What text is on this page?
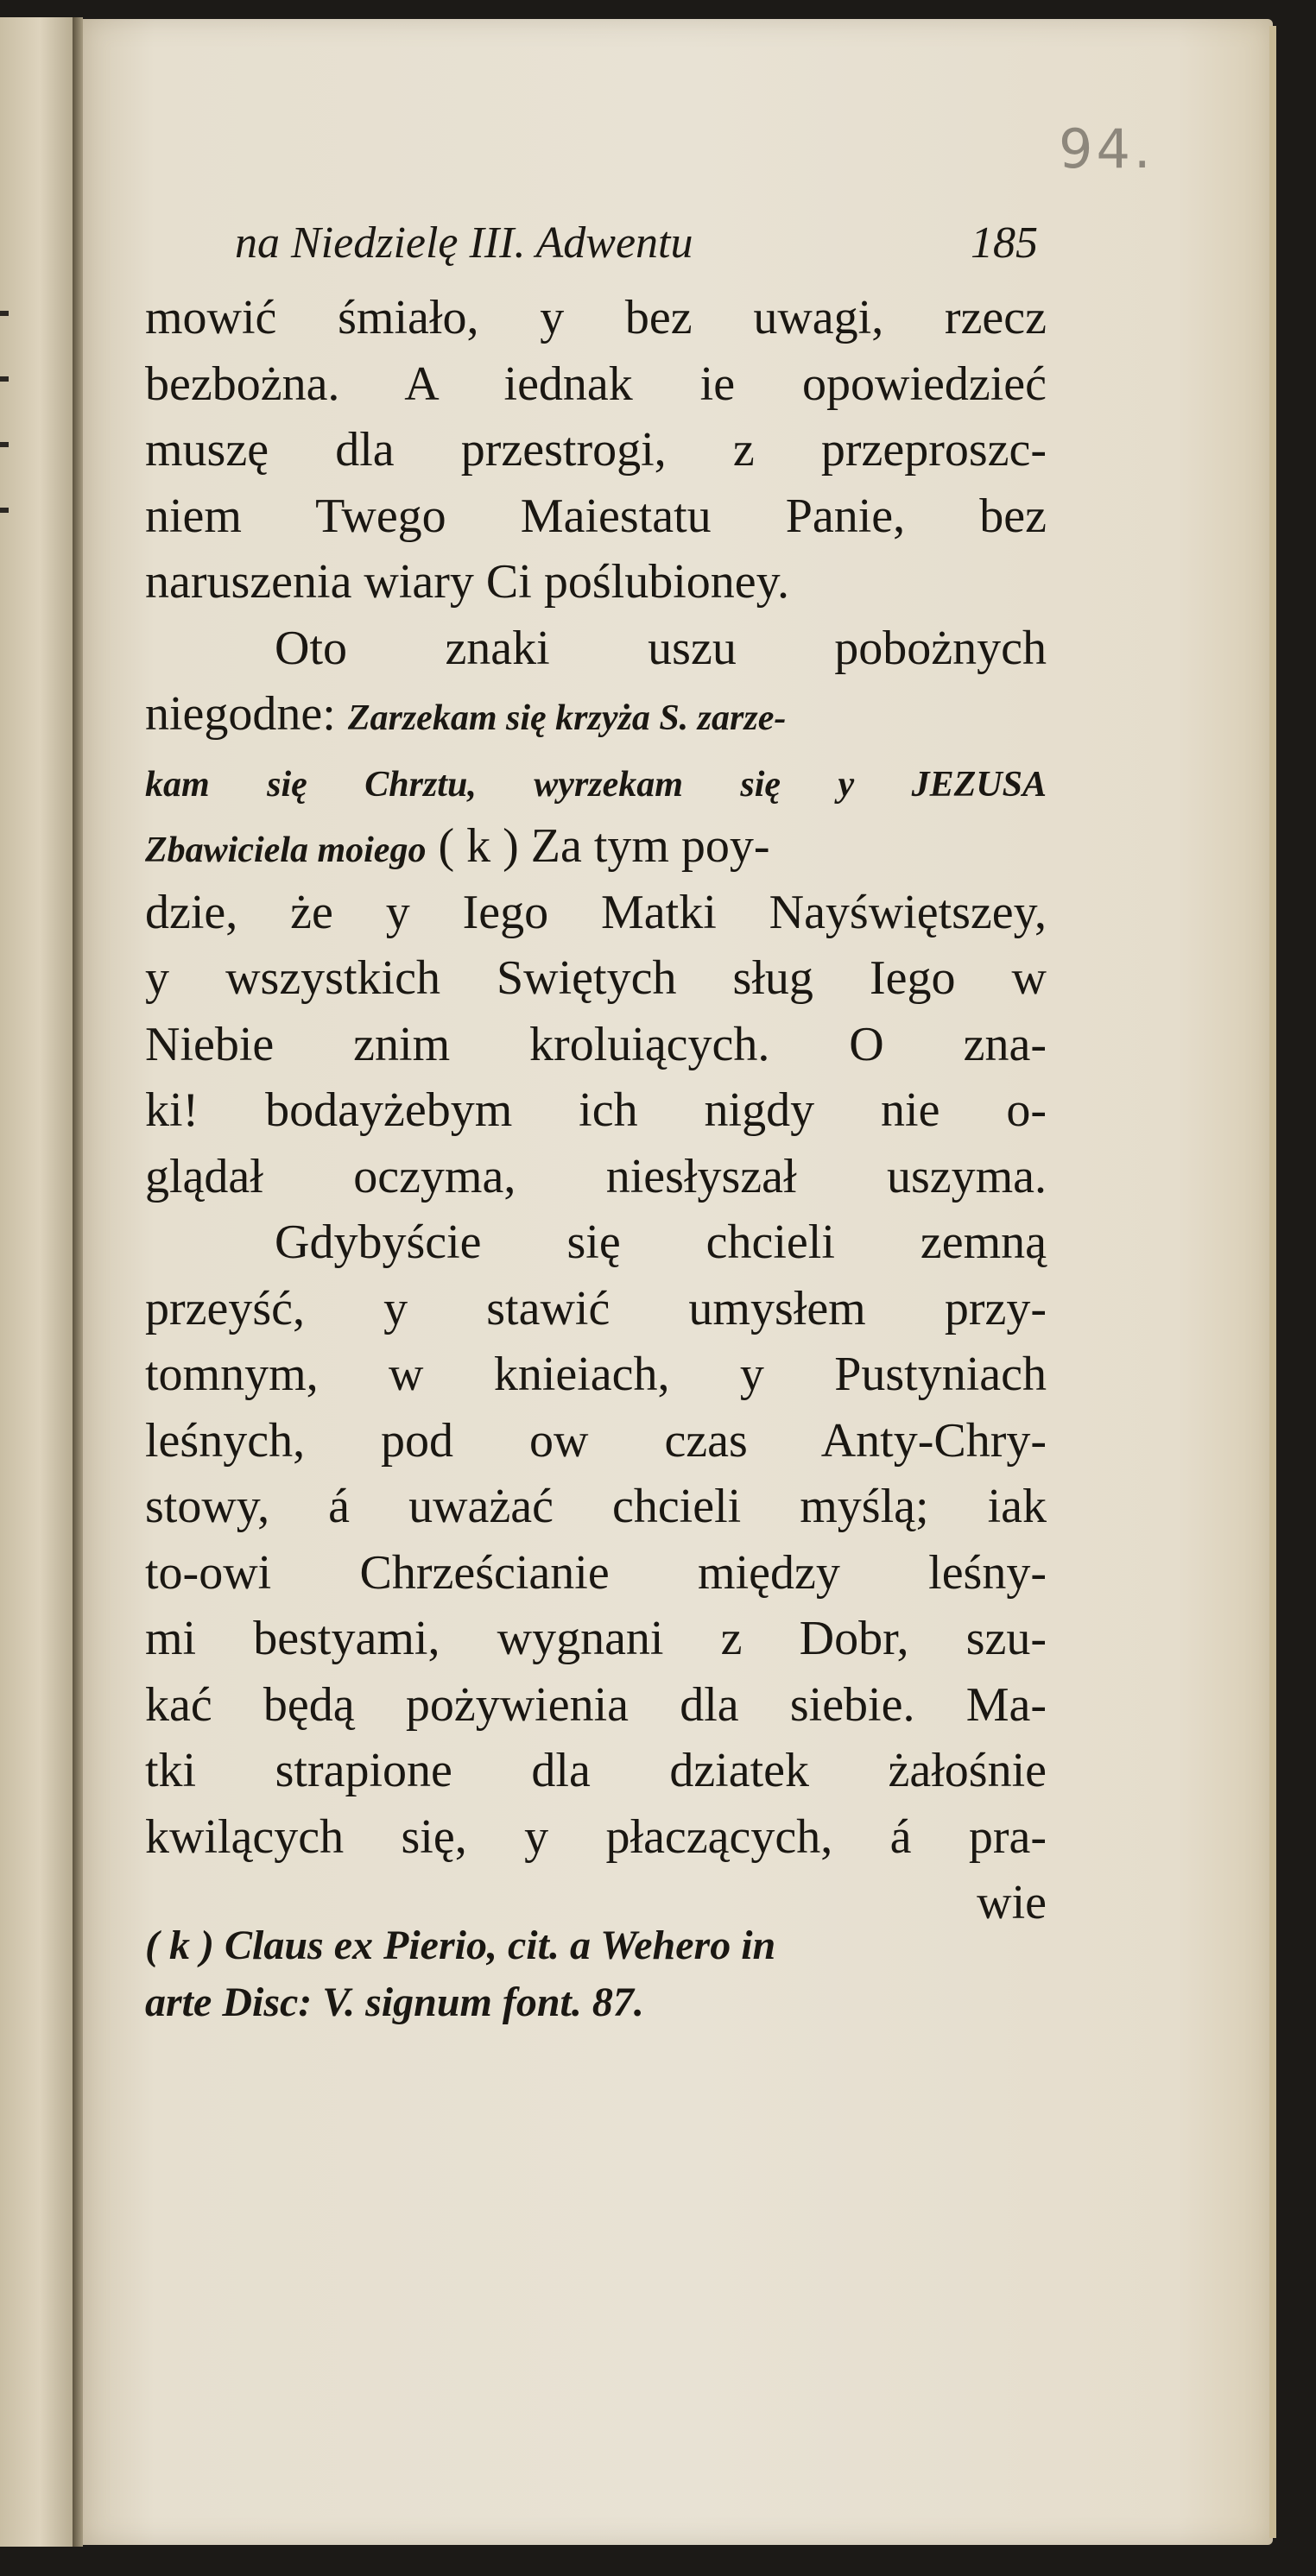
94.
na Niedzielę III. Adwentu	185
mowić śmiało, y bez uwagi, rzecz
bezbożna. A iednak ie opowiedzieć
muszę dla przestrogi, z przeproszc-
niem Twego Maiestatu Panie, bez
naruszenia wiary Ci poślubioney.
Oto znaki uszu pobożnych
niegodne: Zarzekam się krzyża S. zarze-
kam się Chrztu, wyrzekam się y JEZUSA
Zbawiciela moiego ( k ) Za tym poy-
dzie, że y Iego Matki Nayświętszey,
y wszystkich Swiętych sług Iego w
Niebie znim kroluiących. O zna-
ki! bodayżebym ich nigdy nie o-
glądał oczyma, niesłyszał uszyma.
Gdybyście się chcieli zemną
przeyść, y stawić umysłem przy-
tomnym, w knieiach, y Pustyniach
leśnych, pod ow czas Anty-Chry-
stowy, á uważać chcieli myślą; iak
to-owi Chrześcianie między leśny-
mi bestyami, wygnani z Dobr, szu-
kać będą pożywienia dla siebie. Ma-
tki strapione dla dziatek żałośnie
kwilących się, y płaczących, á pra-
wie
( k ) Claus ex Pierio, cit. a Wehero in
arte Disc: V. signum font. 87.
